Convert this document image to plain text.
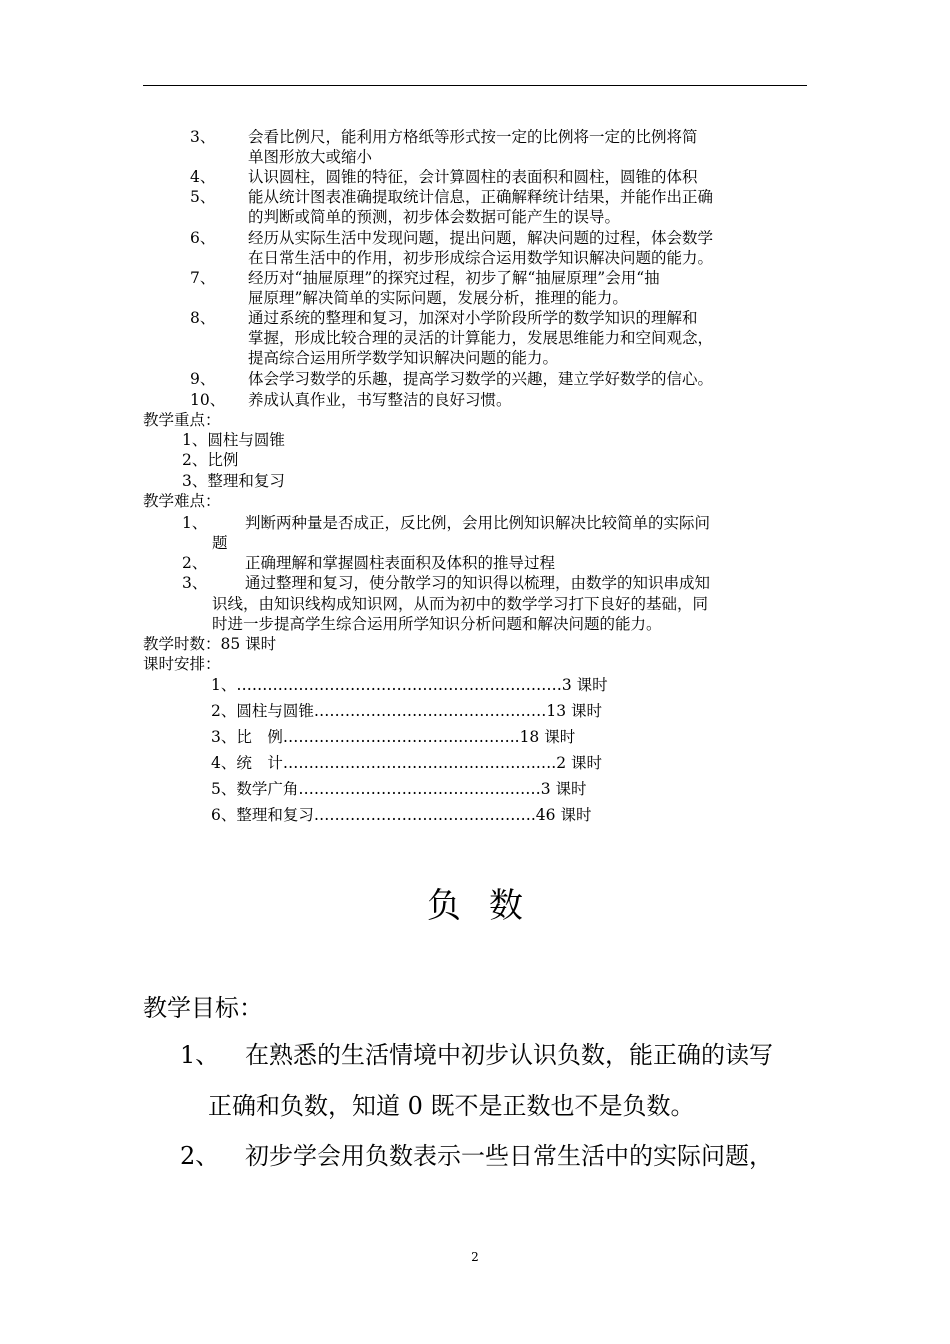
3、 会看比例尺，能利用方格纸等形式按一定的比例将一定的比例将简
单图形放大或缩小
4、 认识圆柱，圆锥的特征，会计算圆柱的表面积和圆柱，圆锥的体积
5、 能从统计图表准确提取统计信息，正确解释统计结果，并能作出正确
的判断或简单的预测，初步体会数据可能产生的误导。
6、 经历从实际生活中发现问题，提出问题，解决问题的过程，体会数学
在日常生活中的作用，初步形成综合运用数学知识解决问题的能力。
7、 经历对“抽屉原理”的探究过程，初步了解“抽屉原理”会用“抽
屉原理”解决简单的实际问题，发展分析，推理的能力。
8、 通过系统的整理和复习，加深对小学阶段所学的数学知识的理解和
掌握，形成比较合理的灵活的计算能力，发展思维能力和空间观念，
提高综合运用所学数学知识解决问题的能力。
9、 体会学习数学的乐趣，提高学习数学的兴趣，建立学好数学的信心。
10、 养成认真作业，书写整洁的良好习惯。
教学重点：
1、圆柱与圆锥
2、比例
3、整理和复习
教学难点：
1、 判断两种量是否成正，反比例，会用比例知识解决比较简单的实际问
题
2、 正确理解和掌握圆柱表面积及体积的推导过程
3、 通过整理和复习，使分散学习的知识得以梳理，由数学的知识串成知
识线，由知识线构成知识网，从而为初中的数学学习打下良好的基础，同
时进一步提高学生综合运用所学知识分析问题和解决问题的能力。
教学时数：85 课时
课时安排：
1、………………………………………………………3 课时
2、圆柱与圆锥………………………………………13 课时
3、比　例……………………………..………..18 课时
4、统　计………………………………………….….2 课时
5、数学广角…………………………………..……3 课时
6、整理和复习…………………………………….46 课时
负数
教学目标：
1、 在熟悉的生活情境中初步认识负数，能正确的读写
正确和负数，知道 0 既不是正数也不是负数。
2、 初步学会用负数表示一些日常生活中的实际问题，
2
